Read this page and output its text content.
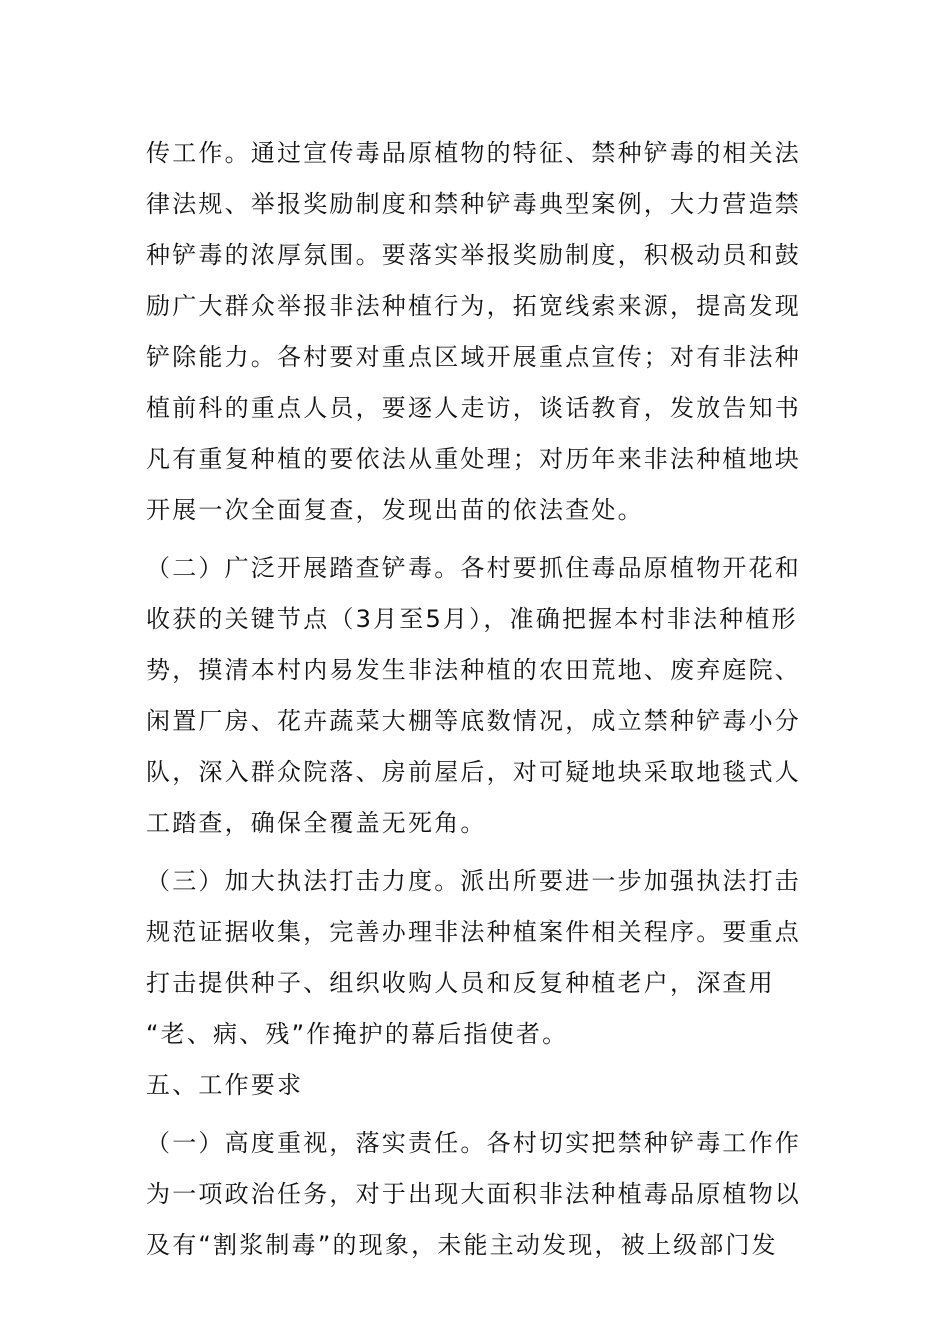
传工作。通过宣传毒品原植物的特征、禁种铲毒的相关法
律法规、举报奖励制度和禁种铲毒典型案例，大力营造禁
种铲毒的浓厚氛围。要落实举报奖励制度，积极动员和鼓
励广大群众举报非法种植行为，拓宽线索来源，提高发现
铲除能力。各村要对重点区域开展重点宣传；对有非法种
植前科的重点人员，要逐人走访，谈话教育，发放告知书
凡有重复种植的要依法从重处理；对历年来非法种植地块
开展一次全面复查，发现出苗的依法查处。
（二）广泛开展踏查铲毒。各村要抓住毒品原植物开花和
收获的关键节点（3月至5月），准确把握本村非法种植形
势，摸清本村内易发生非法种植的农田荒地、废弃庭院、
闲置厂房、花卉蔬菜大棚等底数情况，成立禁种铲毒小分
队，深入群众院落、房前屋后，对可疑地块采取地毯式人
工踏查，确保全覆盖无死角。
（三）加大执法打击力度。派出所要进一步加强执法打击
规范证据收集，完善办理非法种植案件相关程序。要重点
打击提供种子、组织收购人员和反复种植老户，深查用
“老、病、残”作掩护的幕后指使者。
五、工作要求
（一）高度重视，落实责任。各村切实把禁种铲毒工作作
为一项政治任务，对于出现大面积非法种植毒品原植物以
及有“割浆制毒”的现象，未能主动发现，被上级部门发
